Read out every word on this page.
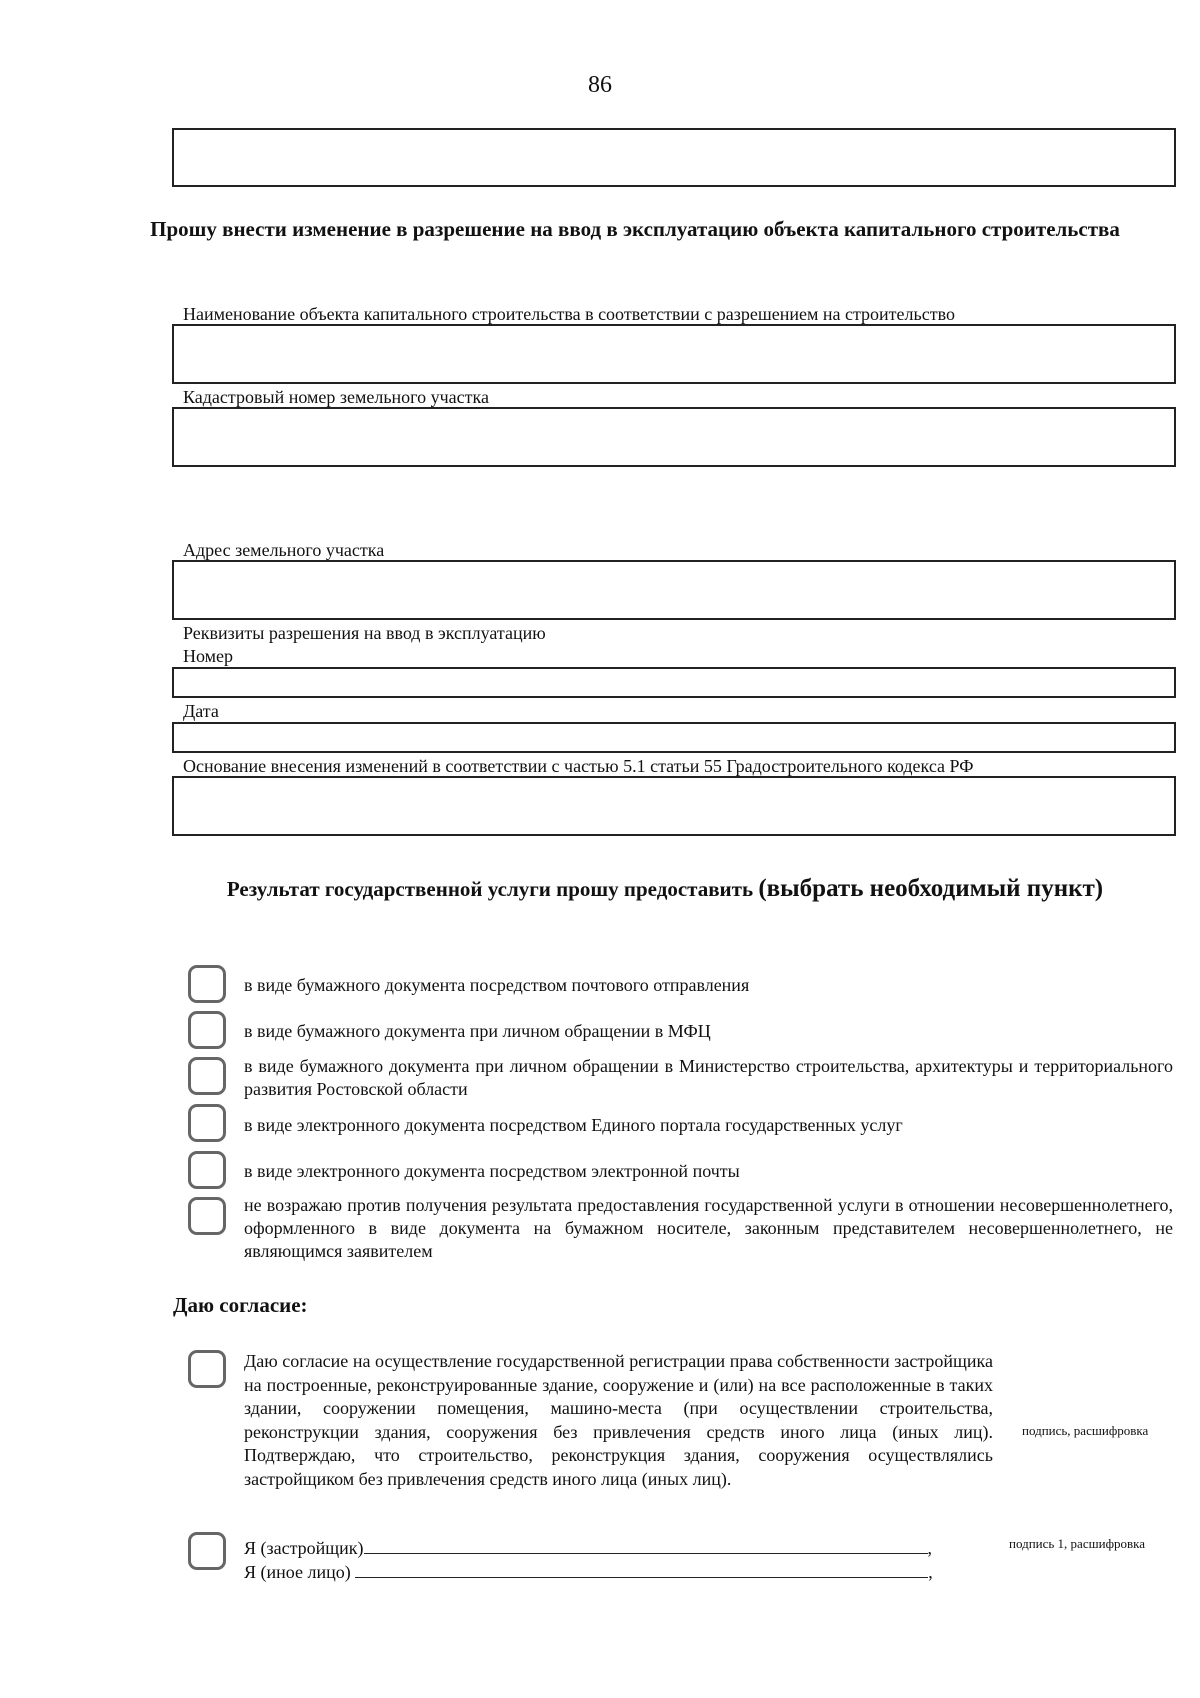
86
Прошу внести изменение в разрешение на ввод в эксплуатацию объекта капитального строительства
Наименование объекта капитального строительства в соответствии с разрешением на строительство
Кадастровый номер земельного участка
Адрес земельного участка
Реквизиты разрешения на ввод в эксплуатацию
Номер
Дата
Основание внесения изменений в соответствии с частью 5.1 статьи 55 Градостроительного кодекса РФ
Результат государственной услуги прошу предоставить (выбрать необходимый пункт)
в виде бумажного документа посредством почтового отправления
в виде бумажного документа при личном обращении в МФЦ
в виде бумажного документа при личном обращении в Министерство строительства, архитектуры и территориального развития Ростовской области
в виде электронного документа посредством Единого портала государственных услуг
в виде электронного документа посредством электронной почты
не возражаю против получения результата предоставления государственной услуги в отношении несовершеннолетнего, оформленного в виде документа на бумажном носителе, законным представителем несовершеннолетнего, не являющимся заявителем
Даю согласие:
Даю согласие на осуществление государственной регистрации права собственности застройщика на построенные, реконструированные здание, сооружение и (или) на все расположенные в таких здании, сооружении помещения, машино-места (при осуществлении строительства, реконструкции здания, сооружения без привлечения средств иного лица (иных лиц). Подтверждаю, что строительство, реконструкция здания, сооружения осуществлялись застройщиком без привлечения средств иного лица (иных лиц).
подпись, расшифровка
Я (застройщик)	,
Я (иное лицо)	,
подпись 1, расшифровка
